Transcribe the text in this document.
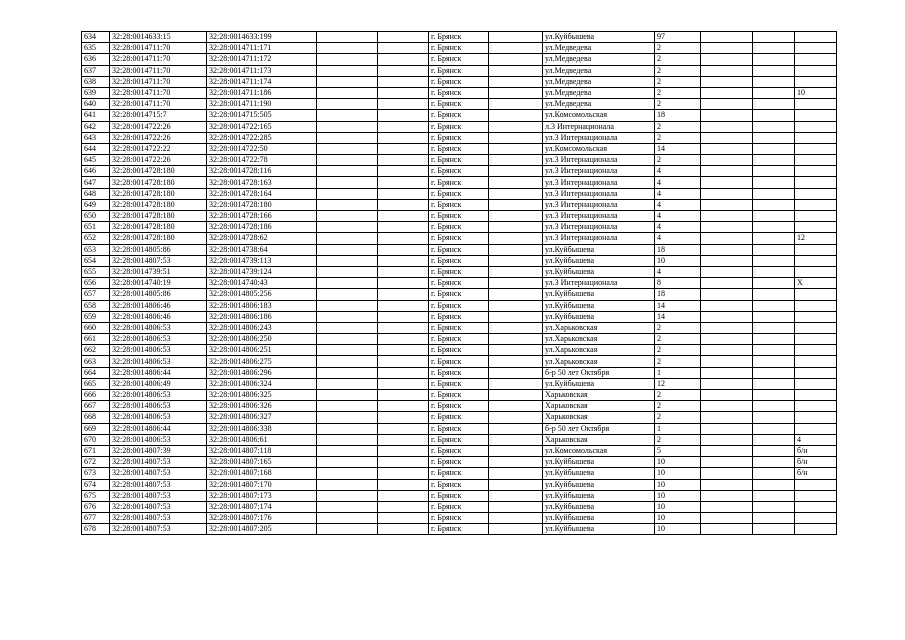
634	32:28:0014633:15	32:28:0014633:199			г. Брянск		ул.Куйбышева	97			
635	32:28:0014711:70	32:28:0014711:171			г. Брянск		ул.Медведева	2			
636	32:28:0014711:70	32:28:0014711:172			г. Брянск		ул.Медведева	2			
637	32:28:0014711:70	32:28:0014711:173			г. Брянск		ул.Медведева	2			
638	32:28:0014711:70	32:28:0014711:174			г. Брянск		ул.Медведева	2			
639	32:28:0014711:70	32:28:0014711:186			г. Брянск		ул.Медведева	2			10
640	32:28:0014711:70	32:28:0014711:190			г. Брянск		ул.Медведева	2			
641	32:28:0014715:7	32:28:0014715:505			г. Брянск		ул.Комсомольская	18			
642	32:28:0014722:26	32:28:0014722:165			г. Брянск		л.3 Интернационала	2			
643	32:28:0014722:26	32:28:0014722:285			г. Брянск		ул.3 Интернационала	2			
644	32:28:0014722:22	32:28:0014722:50			г. Брянск		ул.Комсомольская	14			
645	32:28:0014722:26	32:28:0014722:78			г. Брянск		ул.3 Интернационала	2			
646	32:28:0014728:180	32:28:0014728:116			г. Брянск		ул.3 Интернационала	4			
647	32:28:0014728:180	32:28:0014728:163			г. Брянск		ул.3 Интернационала	4			
648	32:28:0014728:180	32:28:0014728:164			г. Брянск		ул.3 Интернационала	4			
649	32:28:0014728:180	32:28:0014728:180			г. Брянск		ул.3 Интернационала	4			
650	32:28:0014728:180	32:28:0014728:166			г. Брянск		ул.3 Интернационала	4			
651	32:28:0014728:180	32:28:0014728:186			г. Брянск		ул.3 Интернационала	4			
652	32:28:0014728:180	32:28:0014728:62			г. Брянск		ул.3 Интернационала	4			12
653	32:28:0014805:86	32:28:0014738:64			г. Брянск		ул.Куйбышева	18			
654	32:28:0014807:53	32:28:0014739:113			г. Брянск		ул.Куйбышева	10			
655	32:28:0014739:51	32:28:0014739:124			г. Брянск		ул.Куйбышева	4			
656	32:28:0014740:19	32:28:0014740:43			г. Брянск		ул.3 Интернационала	8			X
657	32:28:0014805:86	32:28:0014805:256			г. Брянск		ул.Куйбышева	18			
658	32:28:0014806:46	32:28:0014806:183			г. Брянск		ул.Куйбышева	14			
659	32:28:0014806:46	32:28:0014806:186			г. Брянск		ул.Куйбышева	14			
660	32:28:0014806:53	32:28:0014806:243			г. Брянск		ул.Харьковская	2			
661	32:28:0014806:53	32:28:0014806:250			г. Брянск		ул.Харьковская	2			
662	32:28:0014806:53	32:28:0014806:251			г. Брянск		ул.Харьковская	2			
663	32:28:0014806:53	32:28:0014806:275			г. Брянск		ул.Харьковская	2			
664	32:28:0014806:44	32:28:0014806:296			г. Брянск		б-р 50 лет Октября	1			
665	32:28:0014806:49	32:28:0014806:324			г. Брянск		ул.Куйбышева	12			
666	32:28:0014806:53	32:28:0014806:325			г. Брянск		Харьковская	2			
667	32:28:0014806:53	32:28:0014806:326			г. Брянск		Харьковская	2			
668	32:28:0014806:53	32:28:0014806:327			г. Брянск		Харьковская	2			
669	32:28:0014806:44	32:28:0014806:338			г. Брянск		б-р 50 лет Октября	1			
670	32:28:0014806:53	32:28:0014806:61			г. Брянск		Харьковская	2			4
671	32:28:0014807:39	32:28:0014807:118			г. Брянск		ул.Комсомольская	5			б/н
672	32:28:0014807:53	32:28:0014807:165			г. Брянск		ул.Куйбышева	10			б/н
673	32:28:0014807:53	32:28:0014807:168			г. Брянск		ул.Куйбышева	10			б/н
674	32:28:0014807:53	32:28:0014807:170			г. Брянск		ул.Куйбышева	10			
675	32:28:0014807:53	32:28:0014807:173			г. Брянск		ул.Куйбышева	10			
676	32:28:0014807:53	32:28:0014807:174			г. Брянск		ул.Куйбышева	10			
677	32:28:0014807:53	32:28:0014807:176			г. Брянск		ул.Куйбышева	10			
678	32:28:0014807:53	32:28:0014807:205			г. Брянск		ул.Куйбышева	10			
